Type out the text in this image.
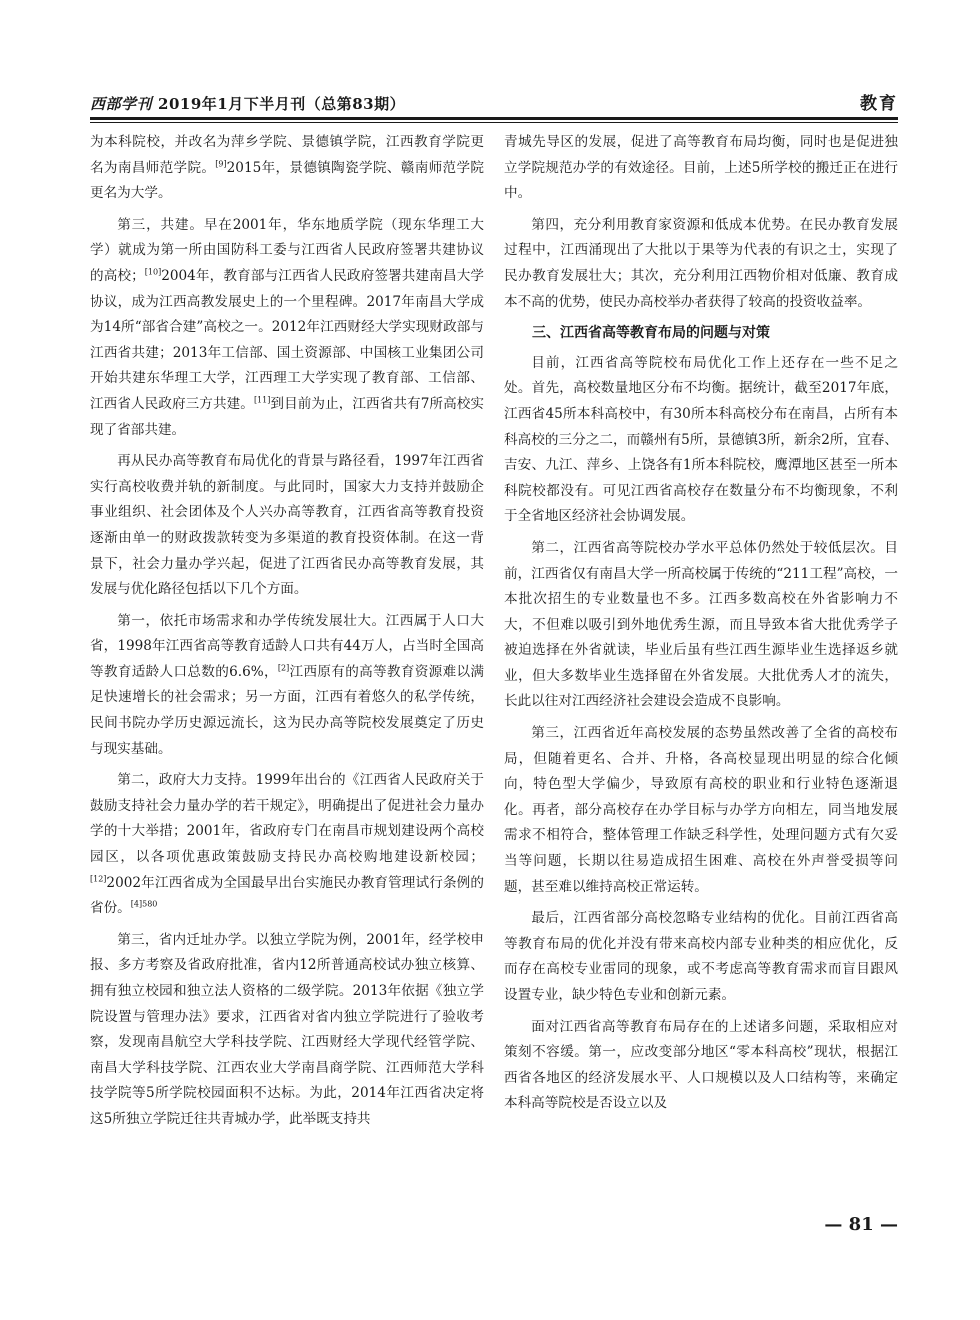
西部学刊 2019年1月下半月刊（总第83期）	教育

为本科院校，并改名为萍乡学院、景德镇学院，江西教育学院更名为南昌师范学院。[9]2015年，景德镇陶瓷学院、赣南师范学院更名为大学。

第三，共建。早在2001年，华东地质学院（现东华理工大学）就成为第一所由国防科工委与江西省人民政府签署共建协议的高校；[10]2004年，教育部与江西省人民政府签署共建南昌大学协议，成为江西高教发展史上的一个里程碑。2017年南昌大学成为14所“部省合建”高校之一。2012年江西财经大学实现财政部与江西省共建；2013年工信部、国土资源部、中国核工业集团公司开始共建东华理工大学，江西理工大学实现了教育部、工信部、江西省人民政府三方共建。[11]到目前为止，江西省共有7所高校实现了省部共建。

再从民办高等教育布局优化的背景与路径看，1997年江西省实行高校收费并轨的新制度。与此同时，国家大力支持并鼓励企事业组织、社会团体及个人兴办高等教育，江西省高等教育投资逐渐由单一的财政拨款转变为多渠道的教育投资体制。在这一背景下，社会力量办学兴起，促进了江西省民办高等教育发展，其发展与优化路径包括以下几个方面。

第一，依托市场需求和办学传统发展壮大。江西属于人口大省，1998年江西省高等教育适龄人口共有44万人，占当时全国高等教育适龄人口总数的6.6%，[2]江西原有的高等教育资源难以满足快速增长的社会需求；另一方面，江西有着悠久的私学传统，民间书院办学历史源远流长，这为民办高等院校发展奠定了历史与现实基础。

第二，政府大力支持。1999年出台的《江西省人民政府关于鼓励支持社会力量办学的若干规定》，明确提出了促进社会力量办学的十大举措；2001年，省政府专门在南昌市规划建设两个高校园区，以各项优惠政策鼓励支持民办高校购地建设新校园；[12]2002年江西省成为全国最早出台实施民办教育管理试行条例的省份。$^{[4]580}$

第三，省内迁址办学。以独立学院为例，2001年，经学校申报、多方考察及省政府批准，省内12所普通高校试办独立核算、拥有独立校园和独立法人资格的二级学院。2013年依据《独立学院设置与管理办法》要求，江西省对省内独立学院进行了验收考察，发现南昌航空大学科技学院、江西财经大学现代经管学院、南昌大学科技学院、江西农业大学南昌商学院、江西师范大学科技学院等5所学院校园面积不达标。为此，2014年江西省决定将这5所独立学院迁往共青城办学，此举既支持共

青城先导区的发展，促进了高等教育布局均衡，同时也是促进独立学院规范办学的有效途径。目前，上述5所学校的搬迁正在进行中。

第四，充分利用教育家资源和低成本优势。在民办教育发展过程中，江西涌现出了大批以于果等为代表的有识之士，实现了民办教育发展壮大；其次，充分利用江西物价相对低廉、教育成本不高的优势，使民办高校举办者获得了较高的投资收益率。

三、江西省高等教育布局的问题与对策

目前，江西省高等院校布局优化工作上还存在一些不足之处。首先，高校数量地区分布不均衡。据统计，截至2017年底，江西省45所本科高校中，有30所本科高校分布在南昌，占所有本科高校的三分之二，而赣州有5所，景德镇3所，新余2所，宜春、吉安、九江、萍乡、上饶各有1所本科院校，鹰潭地区甚至一所本科院校都没有。可见江西省高校存在数量分布不均衡现象，不利于全省地区经济社会协调发展。

第二，江西省高等院校办学水平总体仍然处于较低层次。目前，江西省仅有南昌大学一所高校属于传统的“211工程”高校，一本批次招生的专业数量也不多。江西多数高校在外省影响力不大，不但难以吸引到外地优秀生源，而且导致本省大批优秀学子被迫选择在外省就读，毕业后虽有些江西生源毕业生选择返乡就业，但大多数毕业生选择留在外省发展。大批优秀人才的流失，长此以往对江西经济社会建设会造成不良影响。

第三，江西省近年高校发展的态势虽然改善了全省的高校布局，但随着更名、合并、升格，各高校显现出明显的综合化倾向，特色型大学偏少，导致原有高校的职业和行业特色逐渐退化。再者，部分高校存在办学目标与办学方向相左，同当地发展需求不相符合，整体管理工作缺乏科学性，处理问题方式有欠妥当等问题，长期以往易造成招生困难、高校在外声誉受损等问题，甚至难以维持高校正常运转。

最后，江西省部分高校忽略专业结构的优化。目前江西省高等教育布局的优化并没有带来高校内部专业种类的相应优化，反而存在高校专业雷同的现象，或不考虑高等教育需求而盲目跟风设置专业，缺少特色专业和创新元素。

面对江西省高等教育布局存在的上述诸多问题，采取相应对策刻不容缓。第一，应改变部分地区“零本科高校”现状，根据江西省各地区的经济发展水平、人口规模以及人口结构等，来确定本科高等院校是否设立以及

— 81 —
